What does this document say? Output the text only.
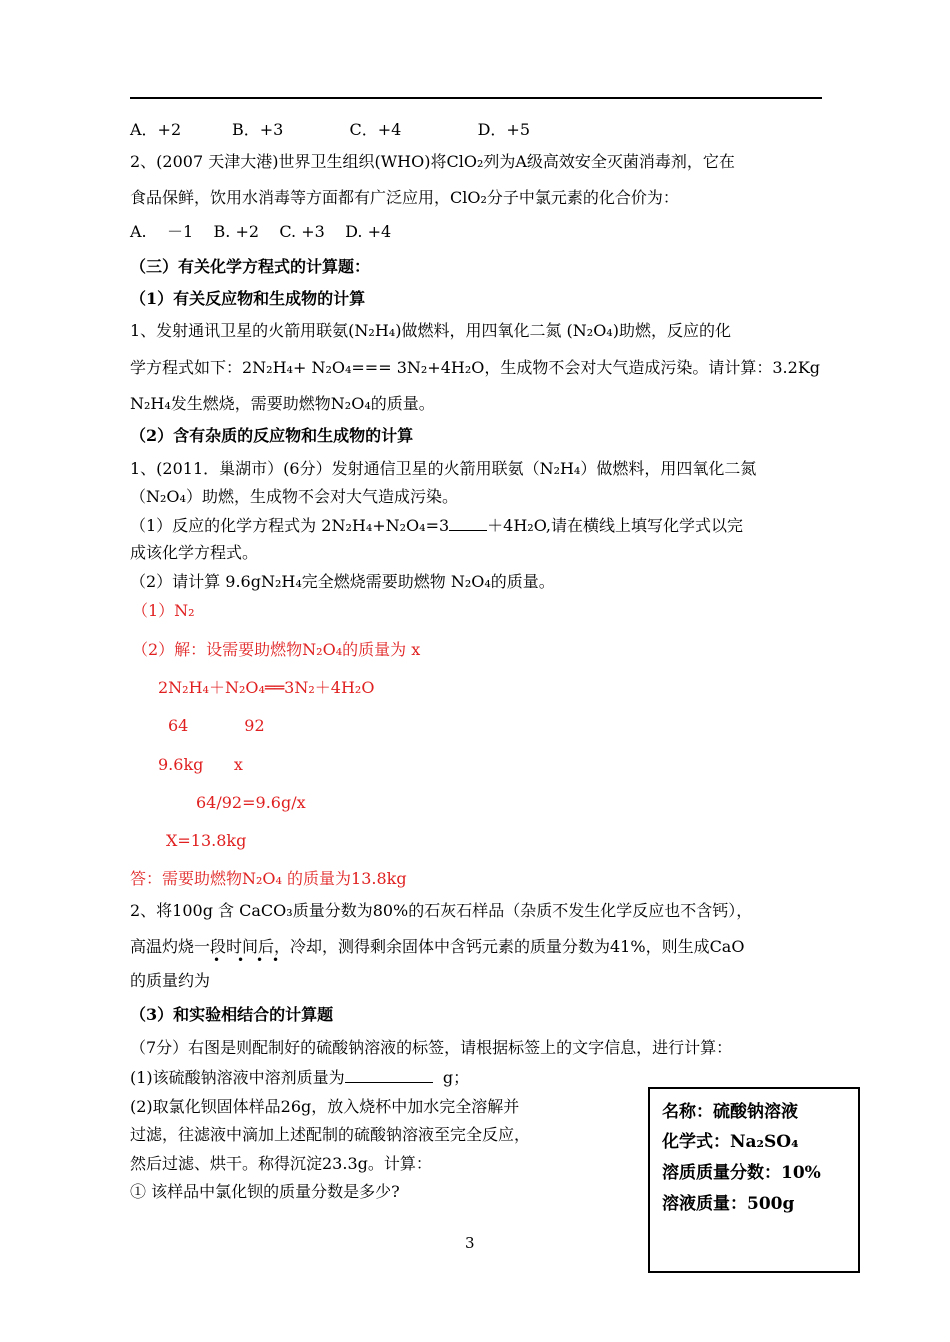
A．+2          B．+3             C．+4               D．+5
2、(2007 天津大港)世界卫生组织(WHO)将ClO₂列为A级高效安全灭菌消毒剂，它在
食品保鲜，饮用水消毒等方面都有广泛应用，ClO₂分子中氯元素的化合价为：
A.    －1    B. +2    C. +3    D. +4
（三）有关化学方程式的计算题：
（1）有关反应物和生成物的计算
1、发射通讯卫星的火箭用联氨(N₂H₄)做燃料，用四氧化二氮 (N₂O₄)助燃，反应的化
学方程式如下：2N₂H₄+ N₂O₄=== 3N₂+4H₂O，生成物不会对大气造成污染。请计算：3.2Kg
N₂H₄发生燃烧，需要助燃物N₂O₄的质量。
（2）含有杂质的反应物和生成物的计算
1、(2011．巢湖市）(6分）发射通信卫星的火箭用联氨（N₂H₄）做燃料，用四氧化二氮
（N₂O₄）助燃，生成物不会对大气造成污染。
（1）反应的化学方程式为 2N₂H₄+N₂O₄=3 ＋4H₂O,请在横线上填写化学式以完
成该化学方程式。
（2）请计算 9.6gN₂H₄完全燃烧需要助燃物 N₂O₄的质量。
（1）N₂
（2）解：设需要助燃物N₂O₄的质量为 x
2N₂H₄＋N₂O₄══3N₂＋4H₂O
64           92
9.6kg      x
64/92=9.6g/x
X=13.8kg
答：需要助燃物N₂O₄ 的质量为13.8kg
2、将100g 含 CaCO₃质量分数为80%的石灰石样品（杂质不发生化学反应也不含钙），
高温灼烧一段时间后，冷却，测得剩余固体中含钙元素的质量分数为41%，则生成CaO
• • • •
的质量约为
（3）和实验相结合的计算题
（7分）右图是则配制好的硫酸钠溶液的标签，请根据标签上的文字信息，进行计算：
(1)该硫酸钠溶液中溶剂质量为	g；
(2)取氯化钡固体样品26g，放入烧杯中加水完全溶解并
过滤，往滤液中滴加上述配制的硫酸钠溶液至完全反应，
然后过滤、烘干。称得沉淀23.3g。计算：
① 该样品中氯化钡的质量分数是多少?
名称：硫酸钠溶液
化学式：Na₂SO₄
溶质质量分数：10%
溶液质量：500g
3
